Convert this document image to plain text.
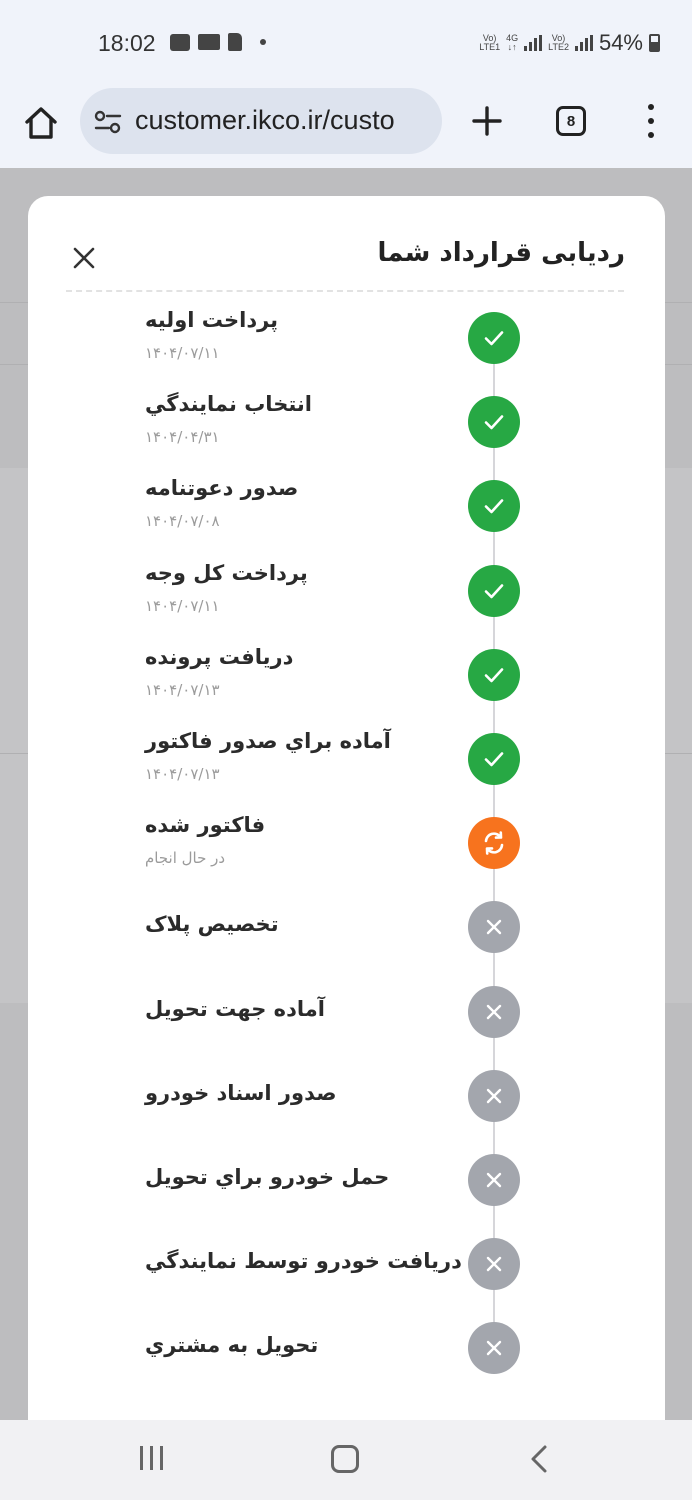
18:02	Vo)
LTE1
4G
↓↑
Vo)
LTE2 54%
customer.ikco.ir/custo	8
ردیابی قرارداد شما
پرداخت اوليه
۱۴۰۴/۰۷/۱۱
انتخاب نمايندگي
۱۴۰۴/۰۴/۳۱
صدور دعوتنامه
۱۴۰۴/۰۷/۰۸
پرداخت کل وجه
۱۴۰۴/۰۷/۱۱
دريافت پرونده
۱۴۰۴/۰۷/۱۳
آماده براي صدور فاکتور
۱۴۰۴/۰۷/۱۳
فاکتور شده
در حال انجام
تخصيص پلاک
آماده جهت تحويل
صدور اسناد خودرو
حمل خودرو براي تحويل
دريافت خودرو توسط نمايندگي
تحويل به مشتري
